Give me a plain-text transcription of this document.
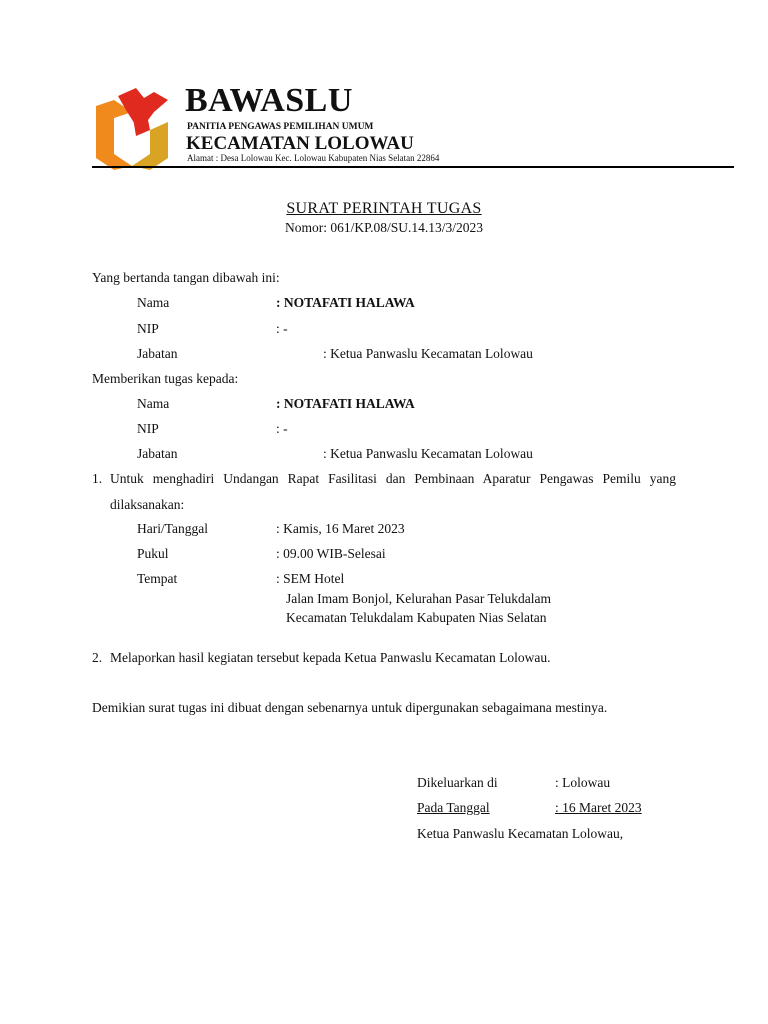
BAWASLU
PANITIA PENGAWAS PEMILIHAN UMUM
KECAMATAN LOLOWAU
Alamat : Desa Lolowau Kec. Lolowau Kabupaten Nias Selatan 22864
SURAT PERINTAH TUGAS
Nomor: 061/KP.08/SU.14.13/3/2023
Yang bertanda tangan dibawah ini:
Nama	: NOTAFATI HALAWA
NIP	: -
Jabatan	: Ketua Panwaslu Kecamatan Lolowau
Memberikan tugas kepada:
Nama	: NOTAFATI HALAWA
NIP	: -
Jabatan	: Ketua Panwaslu Kecamatan Lolowau
1. Untuk menghadiri Undangan Rapat Fasilitasi dan Pembinaan Aparatur Pengawas Pemilu yang dilaksanakan:
Hari/Tanggal	: Kamis, 16 Maret 2023
Pukul	: 09.00 WIB-Selesai
Tempat	: SEM Hotel
Jalan Imam Bonjol, Kelurahan Pasar Telukdalam
Kecamatan Telukdalam Kabupaten Nias Selatan
2. Melaporkan hasil kegiatan tersebut kepada Ketua Panwaslu Kecamatan Lolowau.
Demikian surat tugas ini dibuat dengan sebenarnya untuk dipergunakan sebagaimana mestinya.
Dikeluarkan di	: Lolowau
Pada Tanggal	: 16 Maret 2023
Ketua Panwaslu Kecamatan Lolowau,
